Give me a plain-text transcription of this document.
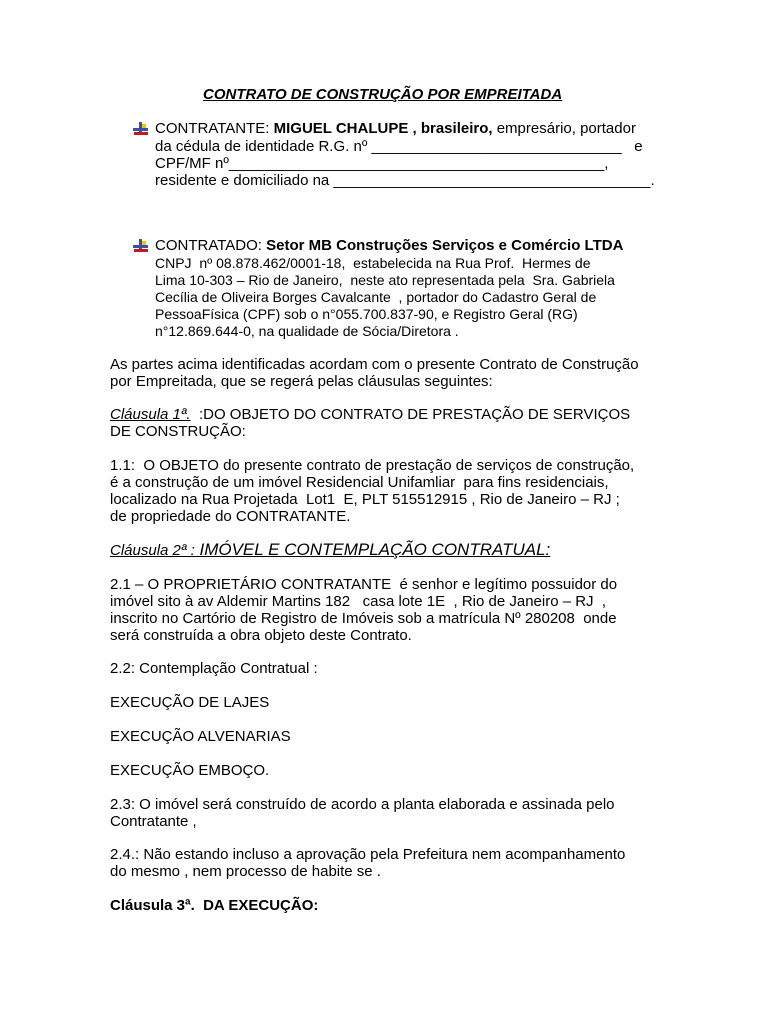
CONTRATO DE CONSTRUÇÃO POR EMPREITADA
CONTRATANTE: MIGUEL CHALUPE , brasileiro, empresário, portador
da cédula de identidade R.G. nº ______________________________   e
CPF/MF nº_____________________________________________,
residente e domiciliado na ______________________________________.
CONTRATADO: Setor MB Construções Serviços e Comércio LTDA
CNPJ  nº 08.878.462/0001-18,  estabelecida na Rua Prof.  Hermes de
Lima 10-303 – Rio de Janeiro,  neste ato representada pela  Sra. Gabriela
Cecília de Oliveira Borges Cavalcante  , portador do Cadastro Geral de
PessoaFísica (CPF) sob o n°055.700.837-90, e Registro Geral (RG)
n°12.869.644-0, na qualidade de Sócia/Diretora .
As partes acima identificadas acordam com o presente Contrato de Construção
por Empreitada, que se regerá pelas cláusulas seguintes:
Cláusula 1ª.  :DO OBJETO DO CONTRATO DE PRESTAÇÃO DE SERVIÇOS
DE CONSTRUÇÃO:
1.1:  O OBJETO do presente contrato de prestação de serviços de construção,
é a construção de um imóvel Residencial Unifamliar  para fins residenciais,
localizado na Rua Projetada  Lot1  E, PLT 515512915 , Rio de Janeiro – RJ ;
de propriedade do CONTRATANTE.
Cláusula 2ª : IMÓVEL E CONTEMPLAÇÃO CONTRATUAL:
2.1 – O PROPRIETÁRIO CONTRATANTE  é senhor e legítimo possuidor do
imóvel sito à av Aldemir Martins 182   casa lote 1E  , Rio de Janeiro – RJ  ,
inscrito no Cartório de Registro de Imóveis sob a matrícula Nº 280208  onde
será construída a obra objeto deste Contrato.
2.2: Contemplação Contratual :
EXECUÇÃO DE LAJES
EXECUÇÃO ALVENARIAS
EXECUÇÃO EMBOÇO.
2.3: O imóvel será construído de acordo a planta elaborada e assinada pelo
Contratante ,
2.4.: Não estando incluso a aprovação pela Prefeitura nem acompanhamento
do mesmo , nem processo de habite se .
Cláusula 3ª.  DA EXECUÇÃO:
